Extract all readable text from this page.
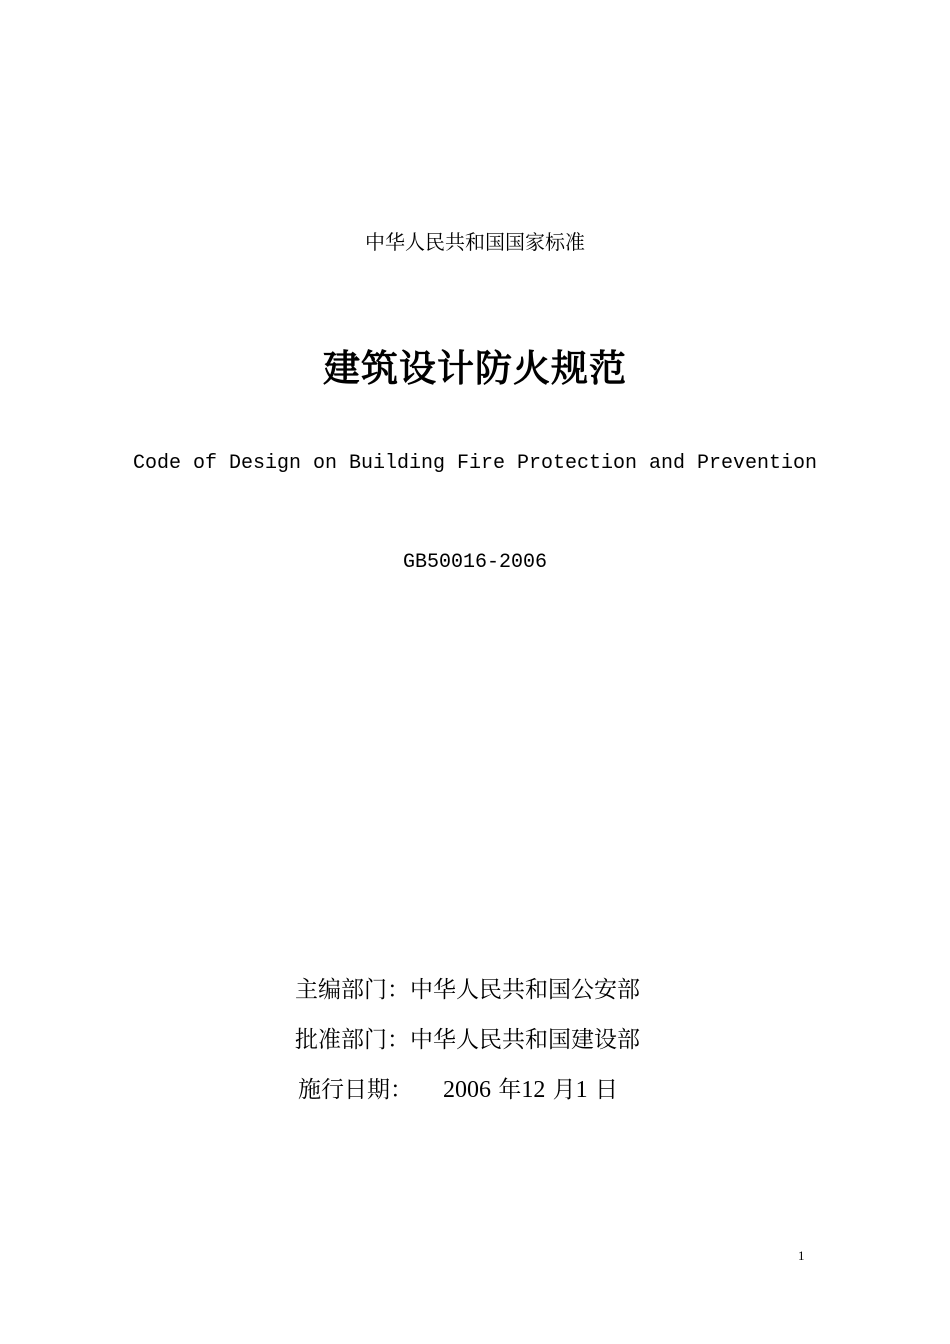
中华人民共和国国家标准
建筑设计防火规范
Code of Design on Building Fire Protection and Prevention
GB50016-2006
主编部门：中华人民共和国公安部
批准部门：中华人民共和国建设部
施行日期： 2006 年12 月1 日
1
